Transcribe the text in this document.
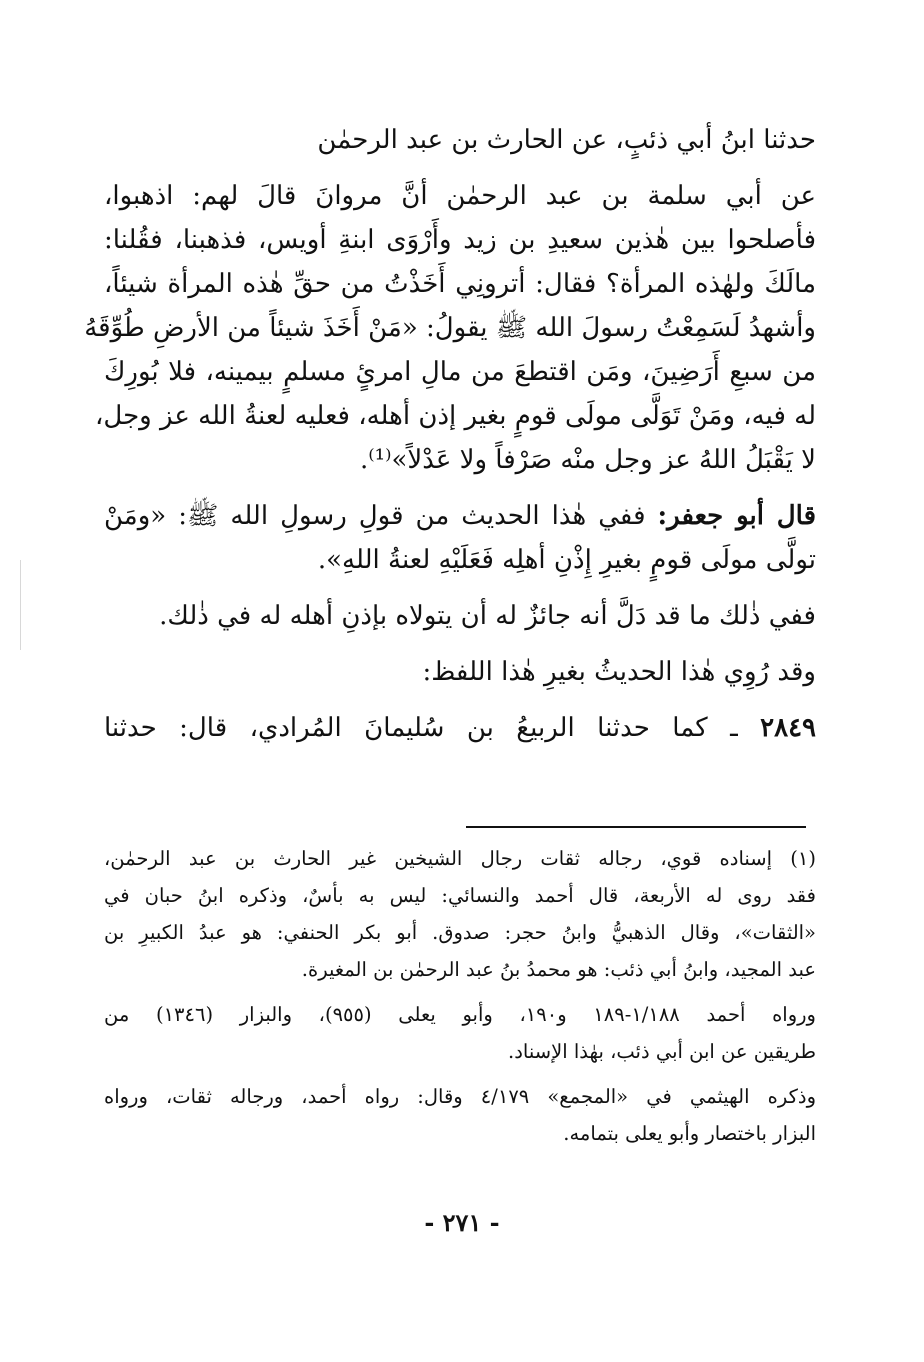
حدثنا ابنُ أبي ذئبٍ، عن الحارث بن عبد الرحمٰن
عن أبي سلمة بن عبد الرحمٰن أنَّ مروانَ قالَ لهم: اذهبوا،
فأصلحوا بين هٰذين سعيدِ بن زيد وأَرْوَى ابنةِ أويس، فذهبنا، فقُلنا:
مالَكَ ولهٰذه المرأة؟ فقال: أترونِي أَخَذْتُ من حقِّ هٰذه المرأة شيئاً،
وأشهدُ لَسَمِعْتُ رسولَ الله ﷺ يقولُ: «مَنْ أَخَذَ شيئاً من الأرضِ طُوِّقَهُ
من سبعِ أَرَضِينَ، ومَن اقتطعَ من مالِ امرئٍ مسلمٍ بيمينه، فلا بُورِكَ
له فيه، ومَنْ تَوَلَّى مولَى قومٍ بغير إذن أهله، فعليه لعنةُ الله عز وجل،
لا يَقْبَلُ اللهُ عز وجل منْه صَرْفاً ولا عَدْلاً»⁽¹⁾.
قال أبو جعفر: ففي هٰذا الحديث من قولِ رسولِ الله ﷺ: «ومَنْ
تولَّى مولَى قومٍ بغيرِ إِذْنِ أهلِه فَعَلَيْهِ لعنةُ اللهِ».
ففي ذٰلك ما قد دَلَّ أنه جائزٌ له أن يتولاه بإذنِ أهله له في ذٰلك.
وقد رُوِي هٰذا الحديثُ بغيرِ هٰذا اللفظ:
٢٨٤٩ ـ كما حدثنا الربيعُ بن سُليمانَ المُرادي، قال: حدثنا
(١) إسناده قوي، رجاله ثقات رجال الشيخين غير الحارث بن عبد الرحمٰن،
فقد روى له الأربعة، قال أحمد والنسائي: ليس به بأسٌ، وذكره ابنُ حبان في
«الثقات»، وقال الذهبيُّ وابنُ حجر: صدوق. أبو بكر الحنفي: هو عبدُ الكبيرِ بن
عبد المجيد، وابنُ أبي ذئب: هو محمدُ بنُ عبد الرحمٰن بن المغيرة.
ورواه أحمد ١/١٨٨-١٨٩ و١٩٠، وأبو يعلى (٩٥٥)، والبزار (١٣٤٦) من
طريقين عن ابن أبي ذئب، بهٰذا الإسناد.
وذكره الهيثمي في «المجمع» ٤/١٧٩ وقال: رواه أحمد، ورجاله ثقات، ورواه
البزار باختصار وأبو يعلى بتمامه.
- ٢٧١ -
